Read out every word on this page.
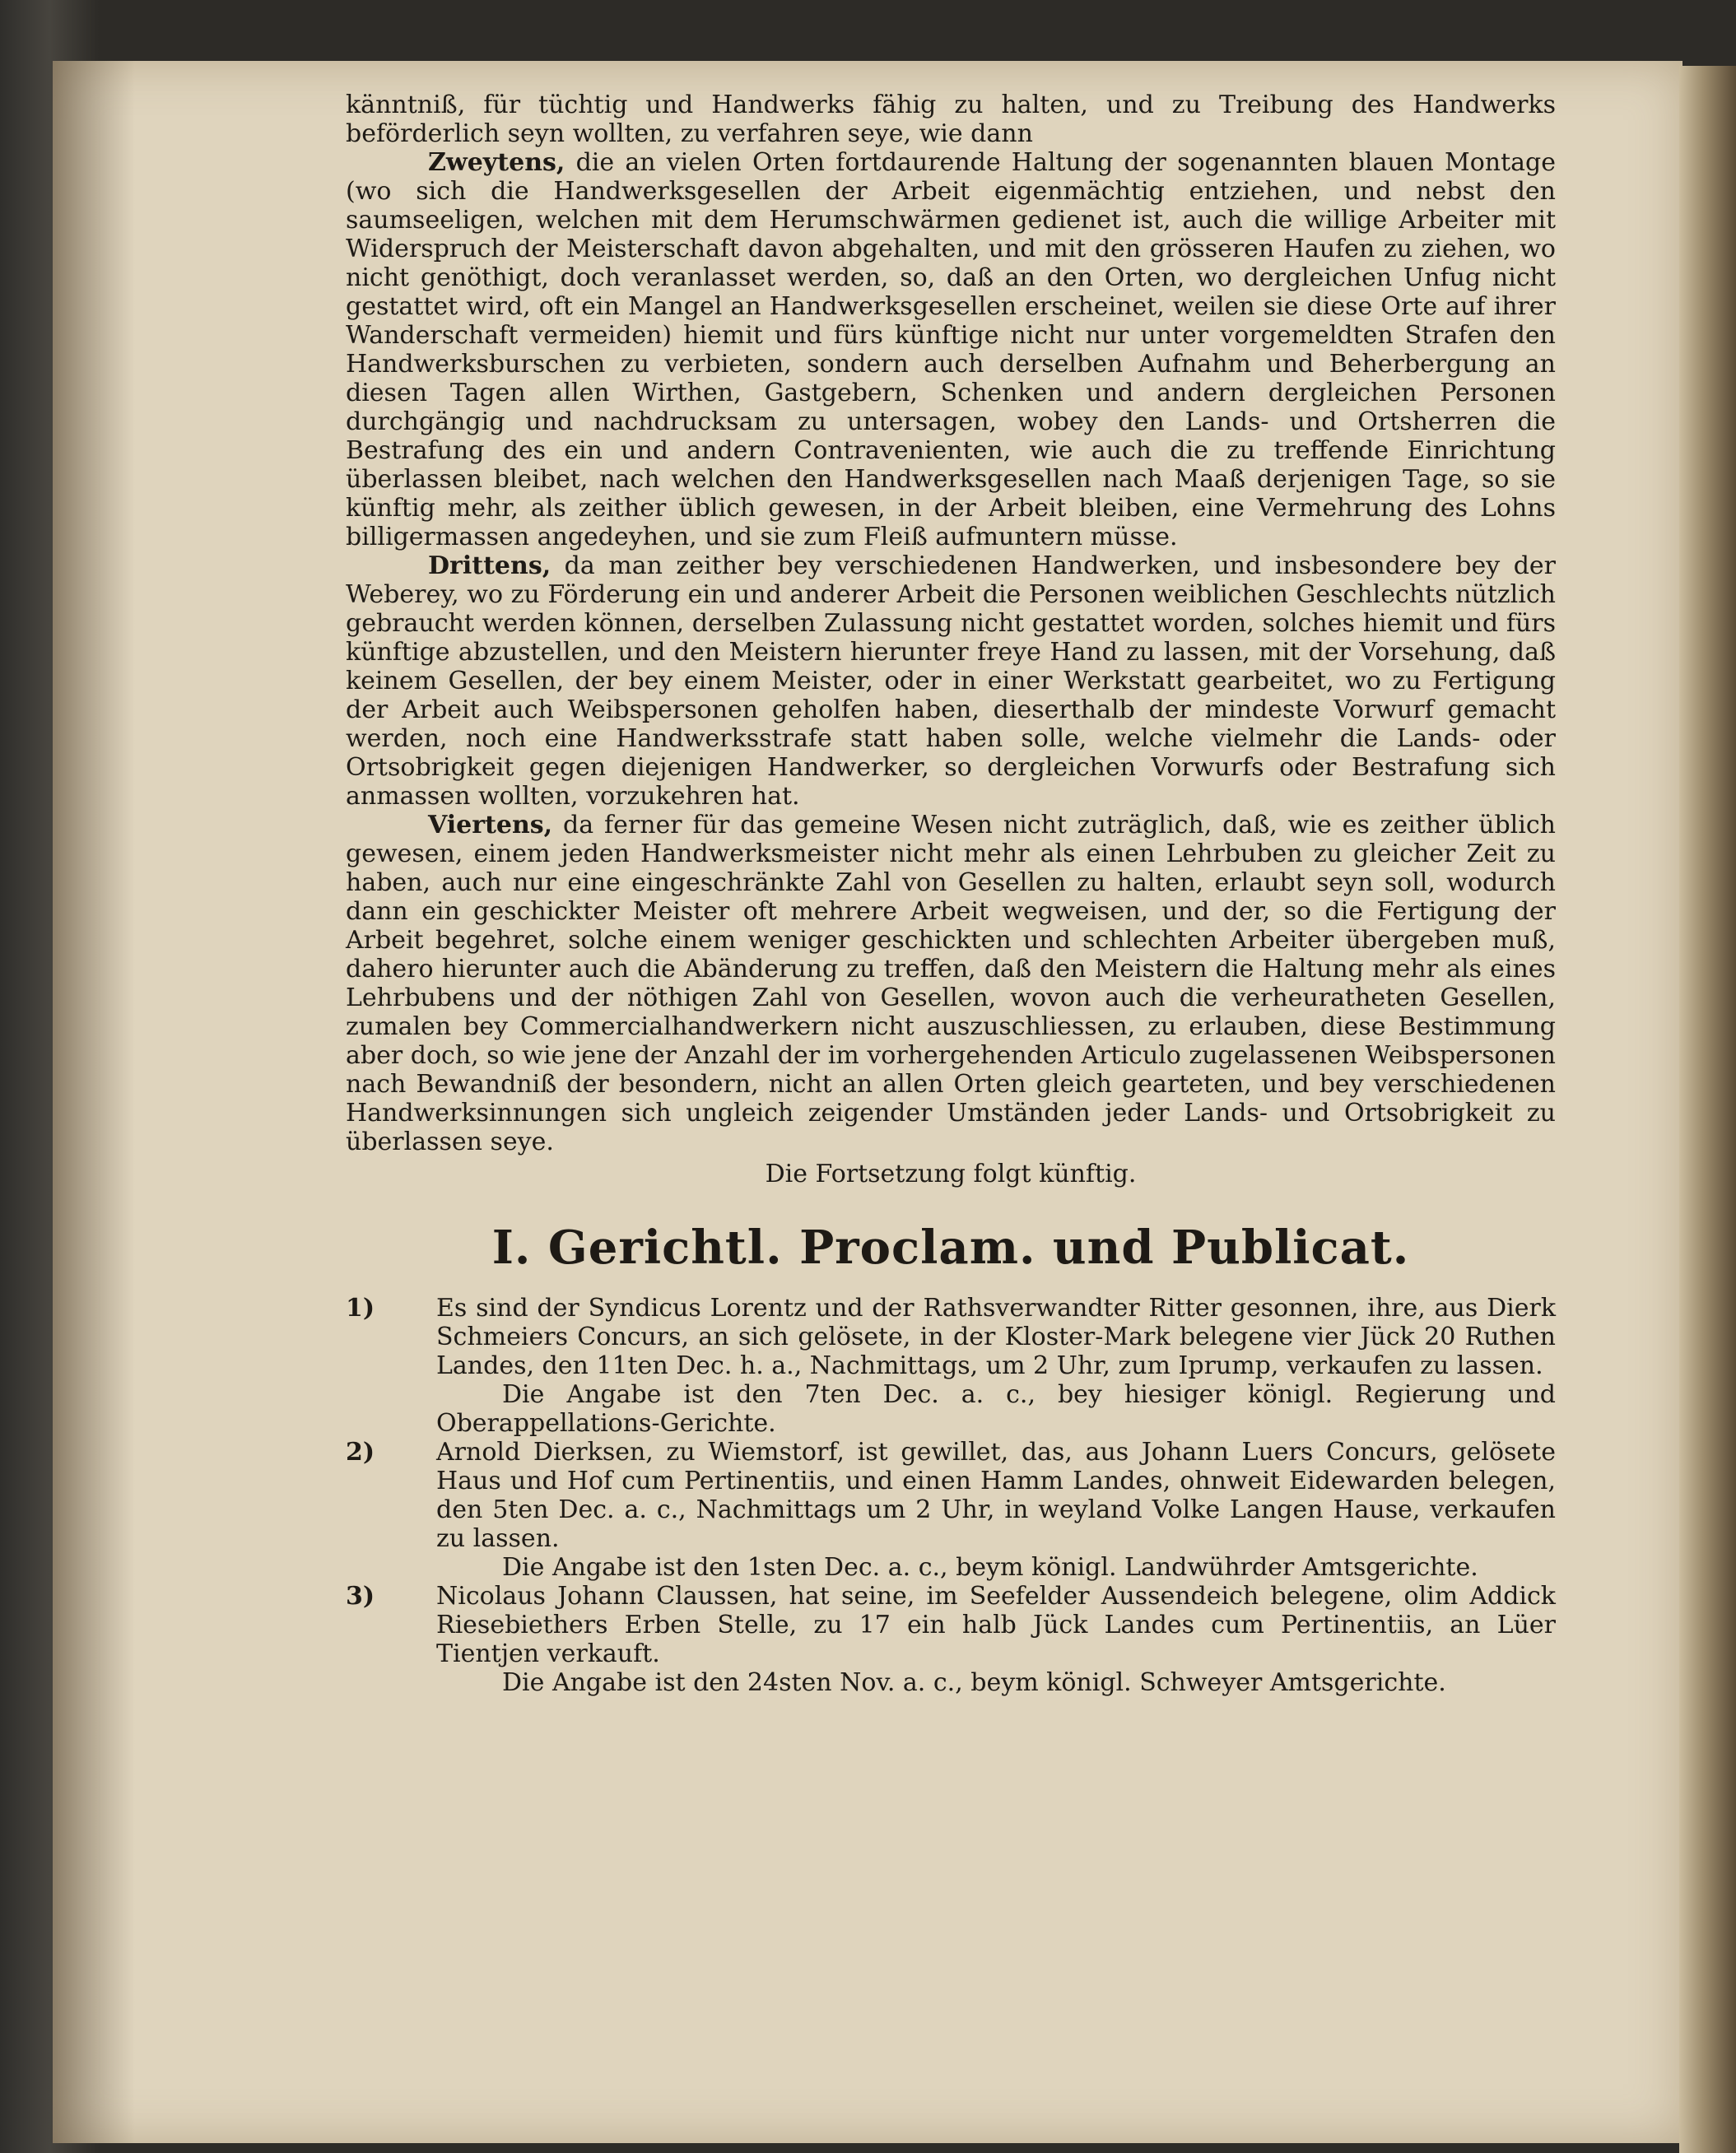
känntniß, für tüchtig und Handwerks fähig zu halten, und zu Treibung des Handwerks beförderlich seyn wollten, zu verfahren seye, wie dann

Zweytens, die an vielen Orten fortdaurende Haltung der sogenannten blauen Montage (wo sich die Handwerksgesellen der Arbeit eigenmächtig entziehen, und nebst den saumseeligen, welchen mit dem Herumschwärmen gedienet ist, auch die willige Arbeiter mit Widerspruch der Meisterschaft davon abgehalten, und mit den grösseren Haufen zu ziehen, wo nicht genöthigt, doch veranlasset werden, so, daß an den Orten, wo dergleichen Unfug nicht gestattet wird, oft ein Mangel an Handwerksgesellen erscheinet, weilen sie diese Orte auf ihrer Wanderschaft vermeiden) hiemit und fürs künftige nicht nur unter vorgemeldten Strafen den Handwerksburschen zu verbieten, sondern auch derselben Aufnahm und Beherbergung an diesen Tagen allen Wirthen, Gastgebern, Schenken und andern dergleichen Personen durchgängig und nachdrucksam zu untersagen, wobey den Lands- und Ortsherren die Bestrafung des ein und andern Contravenienten, wie auch die zu treffende Einrichtung überlassen bleibet, nach welchen den Handwerksgesellen nach Maaß derjenigen Tage, so sie künftig mehr, als zeither üblich gewesen, in der Arbeit bleiben, eine Vermehrung des Lohns billigermassen angedeyhen, und sie zum Fleiß aufmuntern müsse.

Drittens, da man zeither bey verschiedenen Handwerken, und insbesondere bey der Weberey, wo zu Förderung ein und anderer Arbeit die Personen weiblichen Geschlechts nützlich gebraucht werden können, derselben Zulassung nicht gestattet worden, solches hiemit und fürs künftige abzustellen, und den Meistern hierunter freye Hand zu lassen, mit der Vorsehung, daß keinem Gesellen, der bey einem Meister, oder in einer Werkstatt gearbeitet, wo zu Fertigung der Arbeit auch Weibspersonen geholfen haben, dieserthalb der mindeste Vorwurf gemacht werden, noch eine Handwerksstrafe statt haben solle, welche vielmehr die Lands- oder Ortsobrigkeit gegen diejenigen Handwerker, so dergleichen Vorwurfs oder Bestrafung sich anmassen wollten, vorzukehren hat.

Viertens, da ferner für das gemeine Wesen nicht zuträglich, daß, wie es zeither üblich gewesen, einem jeden Handwerksmeister nicht mehr als einen Lehrbuben zu gleicher Zeit zu haben, auch nur eine eingeschränkte Zahl von Gesellen zu halten, erlaubt seyn soll, wodurch dann ein geschickter Meister oft mehrere Arbeit wegweisen, und der, so die Fertigung der Arbeit begehret, solche einem weniger geschickten und schlechten Arbeiter übergeben muß, dahero hierunter auch die Abänderung zu treffen, daß den Meistern die Haltung mehr als eines Lehrbubens und der nöthigen Zahl von Gesellen, wovon auch die verheuratheten Gesellen, zumalen bey Commercialhandwerkern nicht auszuschliessen, zu erlauben, diese Bestimmung aber doch, so wie jene der Anzahl der im vorhergehenden Articulo zugelassenen Weibspersonen nach Bewandniß der besondern, nicht an allen Orten gleich gearteten, und bey verschiedenen Handwerksinnungen sich ungleich zeigender Umständen jeder Lands- und Ortsobrigkeit zu überlassen seye.

Die Fortsetzung folgt künftig.

I. Gerichtl. Proclam. und Publicat.
1) Es sind der Syndicus Lorentz und der Rathsverwandter Ritter gesonnen, ihre, aus Dierk Schmeiers Concurs, an sich gelösete, in der Kloster-Mark belegene vier Jück 20 Ruthen Landes, den 11ten Dec. h. a., Nachmittags, um 2 Uhr, zum Iprump, verkaufen zu lassen.

Die Angabe ist den 7ten Dec. a. c., bey hiesiger königl. Regierung und Oberappellations-Gerichte.

2) Arnold Dierksen, zu Wiemstorf, ist gewillet, das, aus Johann Luers Concurs, gelösete Haus und Hof cum Pertinentiis, und einen Hamm Landes, ohnweit Eidewarden belegen, den 5ten Dec. a. c., Nachmittags um 2 Uhr, in weyland Volke Langen Hause, verkaufen zu lassen.

Die Angabe ist den 1sten Dec. a. c., beym königl. Landwührder Amtsgerichte.

3) Nicolaus Johann Claussen, hat seine, im Seefelder Aussendeich belegene, olim Addick Riesebiethers Erben Stelle, zu 17 ein halb Jück Landes cum Pertinentiis, an Lüer Tientjen verkauft.

Die Angabe ist den 24sten Nov. a. c., beym königl. Schweyer Amtsgerichte.
